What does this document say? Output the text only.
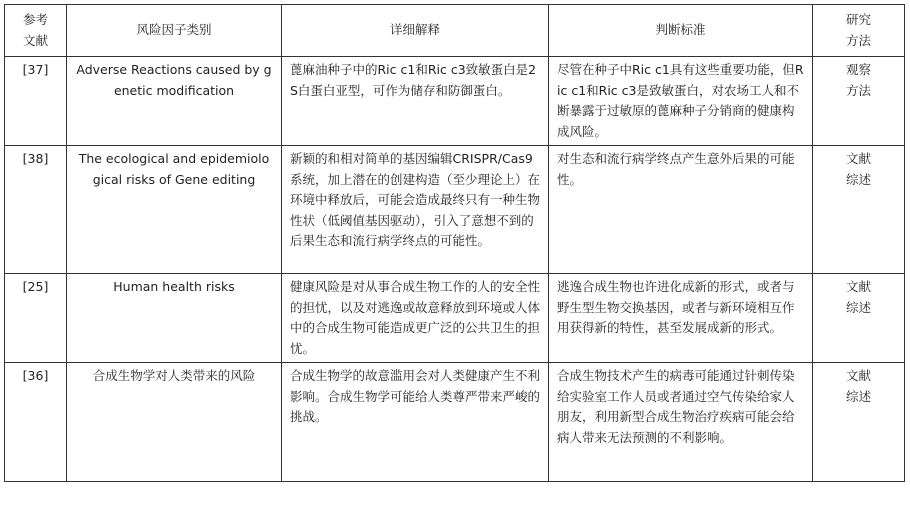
参考文献	风险因子类别	详细解释	判断标准	研究方法
[37]	Adverse Reactions caused by genetic modification	蓖麻油种子中的Ric c1和Ric c3致敏蛋白是2S白蛋白亚型，可作为储存和防御蛋白。	尽管在种子中Ric c1具有这些重要功能，但Ric c1和Ric c3是致敏蛋白，对农场工人和不断暴露于过敏原的蓖麻种子分销商的健康构成风险。	观察方法
[38]	The ecological and epidemiological risks of Gene editing	新颖的和相对简单的基因编辑CRISPR/Cas9系统，加上潜在的创建构造（至少理论上）在环境中释放后，可能会造成最终只有一种生物性状（低阈值基因驱动），引入了意想不到的后果生态和流行病学终点的可能性。	对生态和流行病学终点产生意外后果的可能性。	文献综述
[25]	Human health risks	健康风险是对从事合成生物工作的人的安全性的担忧，以及对逃逸或故意释放到环境或人体中的合成生物可能造成更广泛的公共卫生的担忧。	逃逸合成生物也许进化成新的形式，或者与野生型生物交换基因，或者与新环境相互作用获得新的特性，甚至发展成新的形式。	文献综述
[36]	合成生物学对人类带来的风险	合成生物学的故意滥用会对人类健康产生不利影响。合成生物学可能给人类尊严带来严峻的挑战。	合成生物技术产生的病毒可能通过针刺传染给实验室工作人员或者通过空气传染给家人朋友，利用新型合成生物治疗疾病可能会给病人带来无法预测的不利影响。	文献综述
